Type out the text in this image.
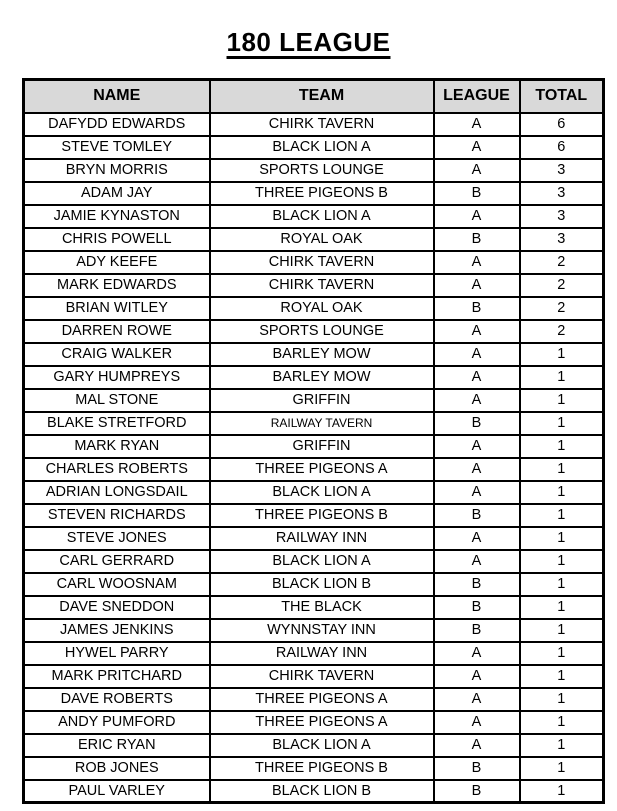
180 LEAGUE
NAME	TEAM	LEAGUE	TOTAL
DAFYDD EDWARDS	CHIRK TAVERN	A	6
STEVE TOMLEY	BLACK LION A	A	6
BRYN MORRIS	SPORTS LOUNGE	A	3
ADAM JAY	THREE PIGEONS B	B	3
JAMIE KYNASTON	BLACK LION A	A	3
CHRIS POWELL	ROYAL OAK	B	3
ADY KEEFE	CHIRK TAVERN	A	2
MARK EDWARDS	CHIRK TAVERN	A	2
BRIAN WITLEY	ROYAL OAK	B	2
DARREN ROWE	SPORTS LOUNGE	A	2
CRAIG WALKER	BARLEY MOW	A	1
GARY HUMPREYS	BARLEY MOW	A	1
MAL STONE	GRIFFIN	A	1
BLAKE STRETFORD	RAILWAY TAVERN	B	1
MARK RYAN	GRIFFIN	A	1
CHARLES ROBERTS	THREE PIGEONS A	A	1
ADRIAN LONGSDAIL	BLACK LION A	A	1
STEVEN RICHARDS	THREE PIGEONS B	B	1
STEVE JONES	RAILWAY INN	A	1
CARL GERRARD	BLACK LION A	A	1
CARL WOOSNAM	BLACK LION B	B	1
DAVE SNEDDON	THE BLACK	B	1
JAMES JENKINS	WYNNSTAY INN	B	1
HYWEL PARRY	RAILWAY INN	A	1
MARK PRITCHARD	CHIRK TAVERN	A	1
DAVE ROBERTS	THREE PIGEONS A	A	1
ANDY PUMFORD	THREE PIGEONS A	A	1
ERIC RYAN	BLACK LION A	A	1
ROB JONES	THREE PIGEONS B	B	1
PAUL VARLEY	BLACK LION B	B	1
